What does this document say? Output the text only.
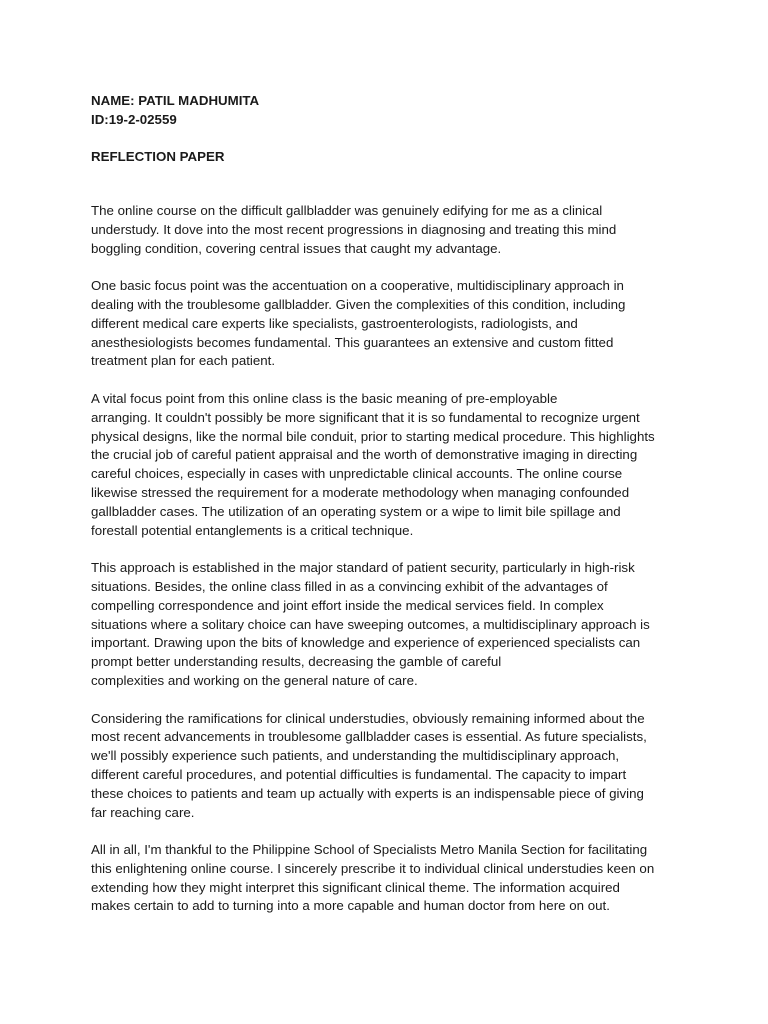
NAME: PATIL MADHUMITA

ID:19-2-02559

REFLECTION PAPER

The online course on the difficult gallbladder was genuinely edifying for me as a clinical
understudy. It dove into the most recent progressions in diagnosing and treating this mind
boggling condition, covering central issues that caught my advantage.

One basic focus point was the accentuation on a cooperative, multidisciplinary approach in
dealing with the troublesome gallbladder. Given the complexities of this condition, including
different medical care experts like specialists, gastroenterologists, radiologists, and
anesthesiologists becomes fundamental. This guarantees an extensive and custom fitted
treatment plan for each patient.

A vital focus point from this online class is the basic meaning of pre-employable
arranging. It couldn't possibly be more significant that it is so fundamental to recognize urgent
physical designs, like the normal bile conduit, prior to starting medical procedure. This highlights
the crucial job of careful patient appraisal and the worth of demonstrative imaging in directing
careful choices, especially in cases with unpredictable clinical accounts. The online course
likewise stressed the requirement for a moderate methodology when managing confounded
gallbladder cases. The utilization of an operating system or a wipe to limit bile spillage and
forestall potential entanglements is a critical technique.

This approach is established in the major standard of patient security, particularly in high-risk
situations. Besides, the online class filled in as a convincing exhibit of the advantages of
compelling correspondence and joint effort inside the medical services field. In complex
situations where a solitary choice can have sweeping outcomes, a multidisciplinary approach is
important. Drawing upon the bits of knowledge and experience of experienced specialists can
prompt better understanding results, decreasing the gamble of careful
complexities and working on the general nature of care.

Considering the ramifications for clinical understudies, obviously remaining informed about the
most recent advancements in troublesome gallbladder cases is essential. As future specialists,
we'll possibly experience such patients, and understanding the multidisciplinary approach,
different careful procedures, and potential difficulties is fundamental. The capacity to impart
these choices to patients and team up actually with experts is an indispensable piece of giving
far reaching care.

All in all, I'm thankful to the Philippine School of Specialists Metro Manila Section for facilitating
this enlightening online course. I sincerely prescribe it to individual clinical understudies keen on
extending how they might interpret this significant clinical theme. The information acquired
makes certain to add to turning into a more capable and human doctor from here on out.
